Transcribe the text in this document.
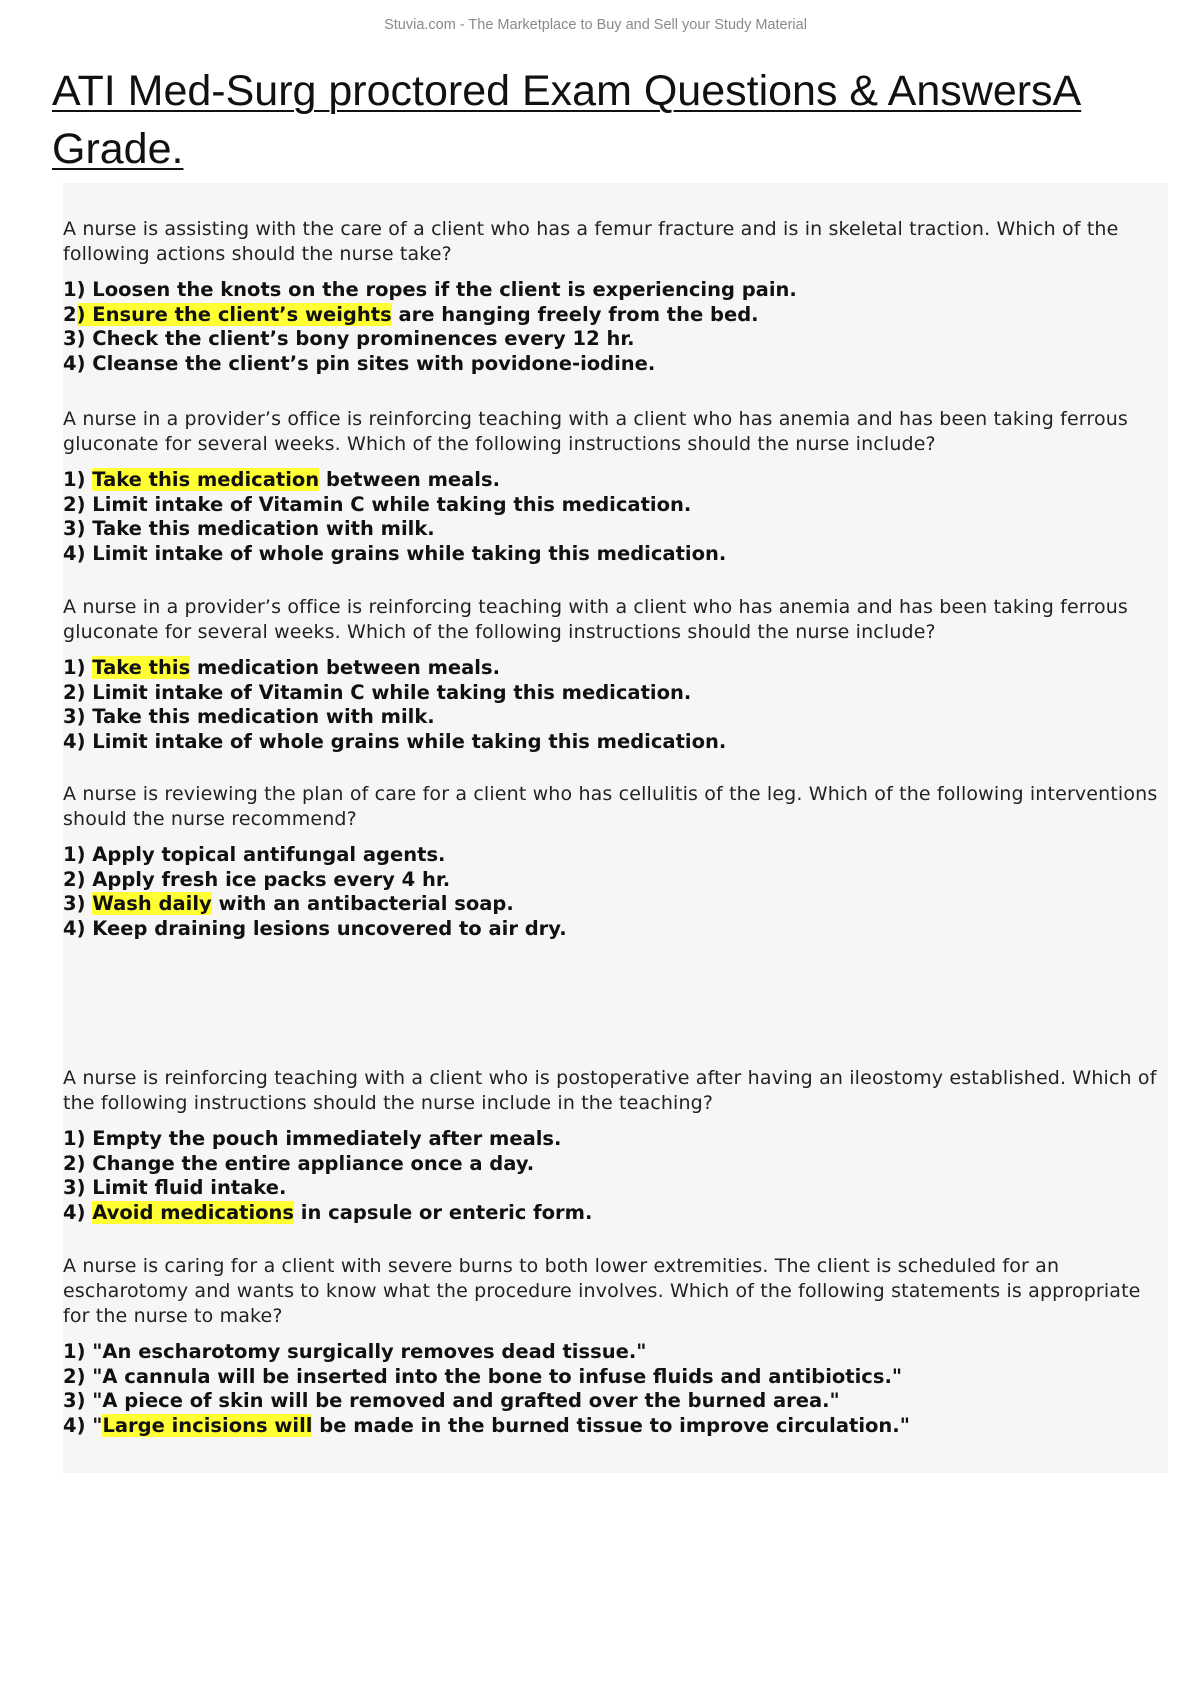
Stuvia.com - The Marketplace to Buy and Sell your Study Material
ATI Med-Surg proctored Exam Questions & AnswersA Grade.

A nurse is assisting with the care of a client who has a femur fracture and is in skeletal traction. Which of the following actions should the nurse take?

1) Loosen the knots on the ropes if the client is experiencing pain.
2) Ensure the client’s weights are hanging freely from the bed.
3) Check the client’s bony prominences every 12 hr.
4) Cleanse the client’s pin sites with povidone-iodine.

A nurse in a provider’s office is reinforcing teaching with a client who has anemia and has been taking ferrous gluconate for several weeks. Which of the following instructions should the nurse include?

1) Take this medication between meals.
2) Limit intake of Vitamin C while taking this medication.
3) Take this medication with milk.
4) Limit intake of whole grains while taking this medication.

A nurse in a provider’s office is reinforcing teaching with a client who has anemia and has been taking ferrous gluconate for several weeks. Which of the following instructions should the nurse include?

1) Take this medication between meals.
2) Limit intake of Vitamin C while taking this medication.
3) Take this medication with milk.
4) Limit intake of whole grains while taking this medication.

A nurse is reviewing the plan of care for a client who has cellulitis of the leg. Which of the following interventions should the nurse recommend?

1) Apply topical antifungal agents.
2) Apply fresh ice packs every 4 hr.
3) Wash daily with an antibacterial soap.
4) Keep draining lesions uncovered to air dry.

A nurse is reinforcing teaching with a client who is postoperative after having an ileostomy established. Which of the following instructions should the nurse include in the teaching?

1) Empty the pouch immediately after meals.
2) Change the entire appliance once a day.
3) Limit fluid intake.
4) Avoid medications in capsule or enteric form.

A nurse is caring for a client with severe burns to both lower extremities. The client is scheduled for an escharotomy and wants to know what the procedure involves. Which of the following statements is appropriate for the nurse to make?

1) "An escharotomy surgically removes dead tissue."
2) "A cannula will be inserted into the bone to infuse fluids and antibiotics."
3) "A piece of skin will be removed and grafted over the burned area."
4) "Large incisions will be made in the burned tissue to improve circulation."
